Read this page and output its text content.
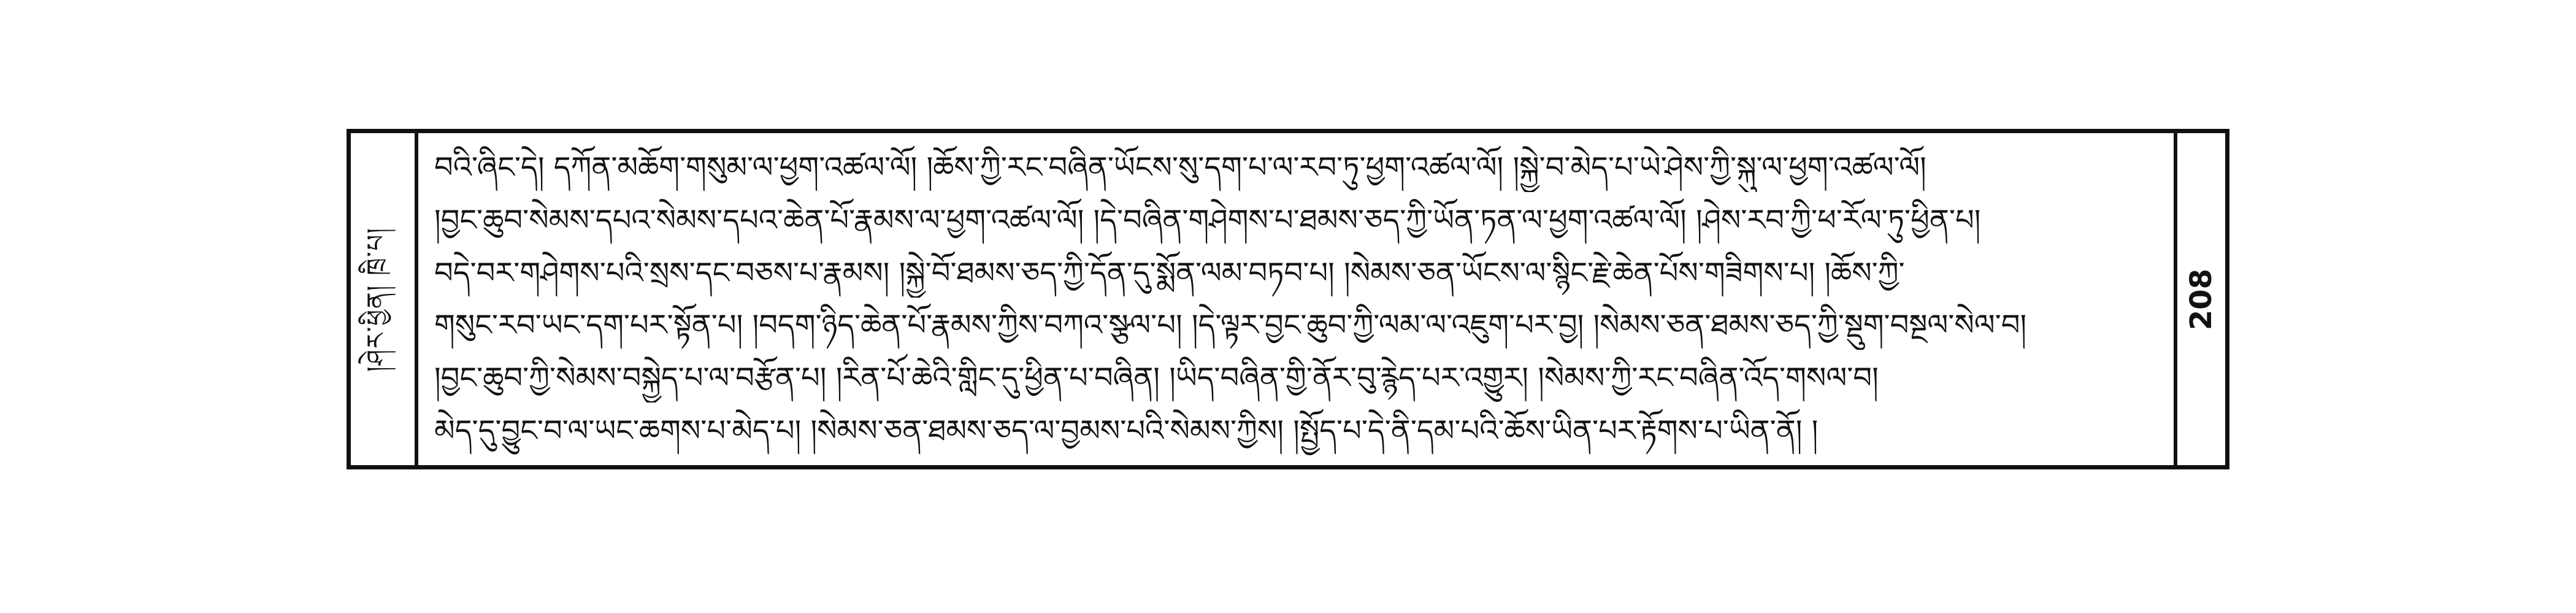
།ཤེར་ཕྱིན། ཁྲི་པ།
བའི་ཞིང་དེ། དཀོན་མཆོག་གསུམ་ལ་ཕྱག་འཚལ་ལོ། །ཆོས་ཀྱི་རང་བཞིན་ཡོངས་སུ་དག་པ་ལ་རབ་ཏུ་ཕྱག་འཚལ་ལོ། །སྐྱེ་བ་མེད་པ་ཡེ་ཤེས་ཀྱི་སྐུ་ལ་ཕྱག་འཚལ་ལོ།
།བྱང་ཆུབ་སེམས་དཔའ་སེམས་དཔའ་ཆེན་པོ་རྣམས་ལ་ཕྱག་འཚལ་ལོ། །དེ་བཞིན་གཤེགས་པ་ཐམས་ཅད་ཀྱི་ཡོན་ཏན་ལ་ཕྱག་འཚལ་ལོ། །ཤེས་རབ་ཀྱི་ཕ་རོལ་ཏུ་ཕྱིན་པ།
བདེ་བར་གཤེགས་པའི་སྲས་དང་བཅས་པ་རྣམས། །སྐྱེ་བོ་ཐམས་ཅད་ཀྱི་དོན་དུ་སྨོན་ལམ་བཏབ་པ། །སེམས་ཅན་ཡོངས་ལ་སྙིང་རྗེ་ཆེན་པོས་གཟིགས་པ། །ཆོས་ཀྱི་
གསུང་རབ་ཡང་དག་པར་སྟོན་པ། །བདག་ཉིད་ཆེན་པོ་རྣམས་ཀྱིས་བཀའ་སྩལ་པ། །དེ་ལྟར་བྱང་ཆུབ་ཀྱི་ལམ་ལ་འཇུག་པར་བྱ། །སེམས་ཅན་ཐམས་ཅད་ཀྱི་སྡུག་བསྔལ་སེལ་བ།
།བྱང་ཆུབ་ཀྱི་སེམས་བསྐྱེད་པ་ལ་བརྩོན་པ། །རིན་པོ་ཆེའི་གླིང་དུ་ཕྱིན་པ་བཞིན། །ཡིད་བཞིན་གྱི་ནོར་བུ་རྙེད་པར་འགྱུར། །སེམས་ཀྱི་རང་བཞིན་འོད་གསལ་བ།
མེད་དུ་བྱུང་བ་ལ་ཡང་ཆགས་པ་མེད་པ། །སེམས་ཅན་ཐམས་ཅད་ལ་བྱམས་པའི་སེམས་ཀྱིས། །སྤྱོད་པ་དེ་ནི་དམ་པའི་ཆོས་ཡིན་པར་རྟོགས་པ་ཡིན་ནོ། །
208
